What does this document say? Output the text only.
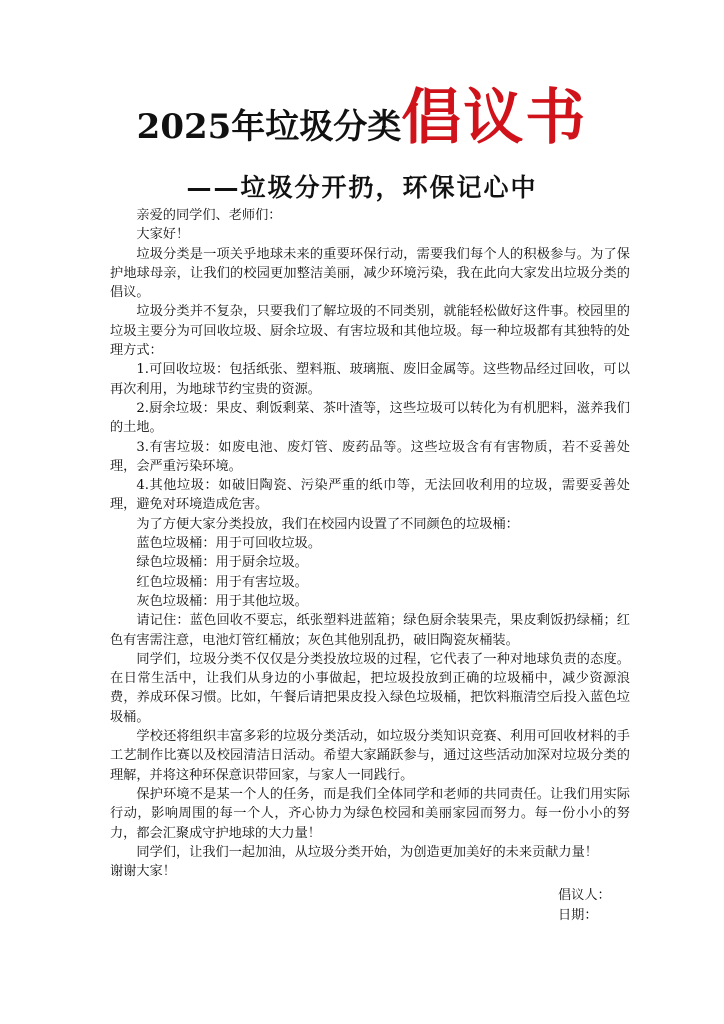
2025年垃圾分类倡议书
——垃圾分开扔，环保记心中

亲爱的同学们、老师们：

大家好！

垃圾分类是一项关乎地球未来的重要环保行动，需要我们每个人的积极参与。为了保护地球母亲，让我们的校园更加整洁美丽，减少环境污染，我在此向大家发出垃圾分类的倡议。

垃圾分类并不复杂，只要我们了解垃圾的不同类别，就能轻松做好这件事。校园里的垃圾主要分为可回收垃圾、厨余垃圾、有害垃圾和其他垃圾。每一种垃圾都有其独特的处理方式：

1.可回收垃圾：包括纸张、塑料瓶、玻璃瓶、废旧金属等。这些物品经过回收，可以再次利用，为地球节约宝贵的资源。

2.厨余垃圾：果皮、剩饭剩菜、茶叶渣等，这些垃圾可以转化为有机肥料，滋养我们的土地。

3.有害垃圾：如废电池、废灯管、废药品等。这些垃圾含有有害物质，若不妥善处理，会严重污染环境。

4.其他垃圾：如破旧陶瓷、污染严重的纸巾等，无法回收利用的垃圾，需要妥善处理，避免对环境造成危害。

为了方便大家分类投放，我们在校园内设置了不同颜色的垃圾桶：

蓝色垃圾桶：用于可回收垃圾。

绿色垃圾桶：用于厨余垃圾。

红色垃圾桶：用于有害垃圾。

灰色垃圾桶：用于其他垃圾。

请记住：蓝色回收不要忘，纸张塑料进蓝箱；绿色厨余装果壳，果皮剩饭扔绿桶；红色有害需注意，电池灯管红桶放；灰色其他别乱扔，破旧陶瓷灰桶装。

同学们，垃圾分类不仅仅是分类投放垃圾的过程，它代表了一种对地球负责的态度。在日常生活中，让我们从身边的小事做起，把垃圾投放到正确的垃圾桶中，减少资源浪费，养成环保习惯。比如，午餐后请把果皮投入绿色垃圾桶，把饮料瓶清空后投入蓝色垃圾桶。

学校还将组织丰富多彩的垃圾分类活动，如垃圾分类知识竞赛、利用可回收材料的手工艺制作比赛以及校园清洁日活动。希望大家踊跃参与，通过这些活动加深对垃圾分类的理解，并将这种环保意识带回家，与家人一同践行。

保护环境不是某一个人的任务，而是我们全体同学和老师的共同责任。让我们用实际行动，影响周围的每一个人，齐心协力为绿色校园和美丽家园而努力。每一份小小的努力，都会汇聚成守护地球的大力量！

同学们，让我们一起加油，从垃圾分类开始，为创造更加美好的未来贡献力量！

谢谢大家！

倡议人：
日期：
